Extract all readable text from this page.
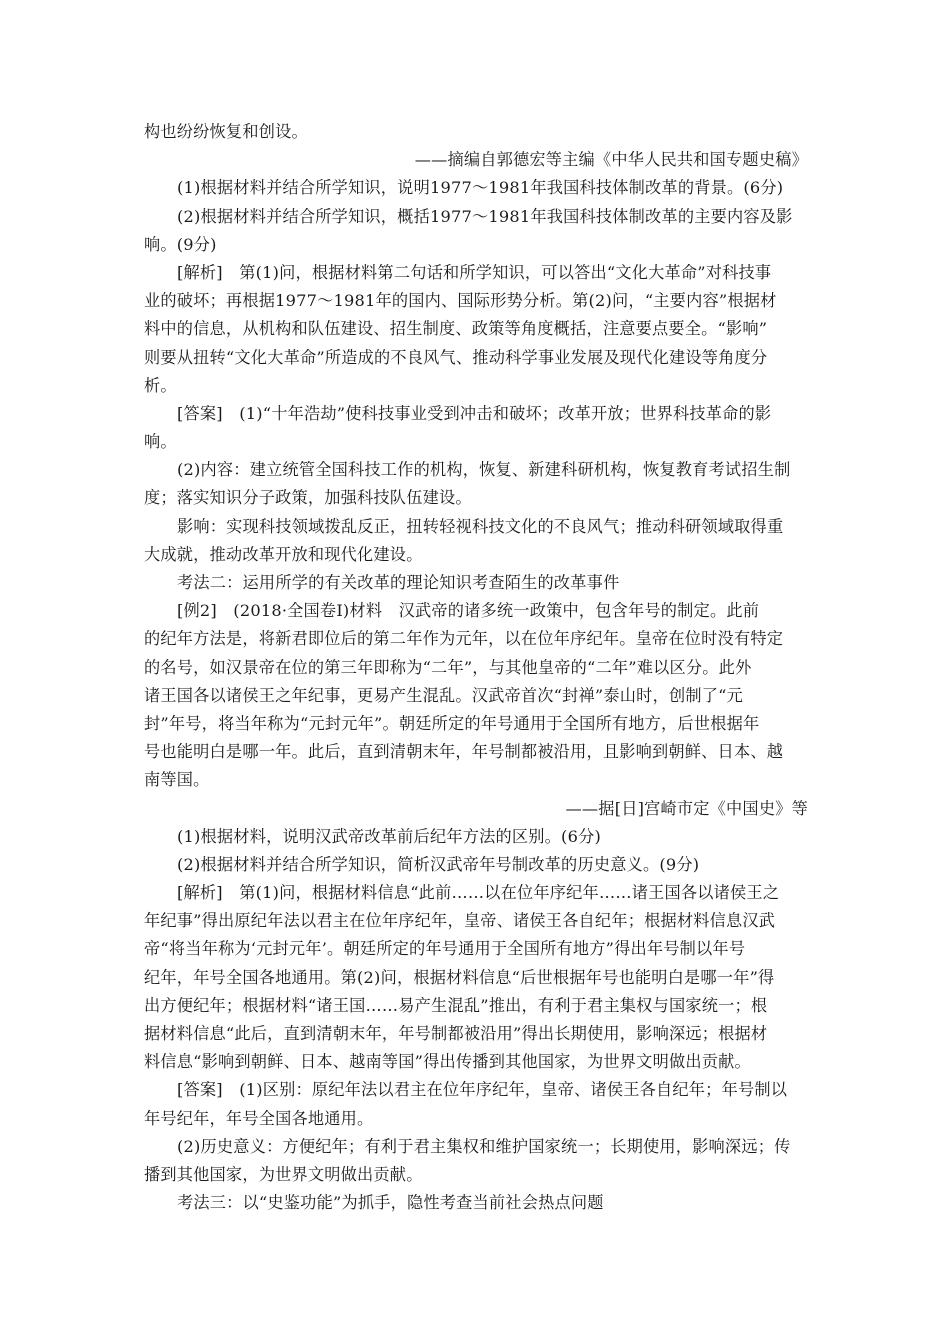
构也纷纷恢复和创设。
——摘编自郭德宏等主编《中华人民共和国专题史稿》
(1)根据材料并结合所学知识，说明1977～1981年我国科技体制改革的背景。(6分)
(2)根据材料并结合所学知识，概括1977～1981年我国科技体制改革的主要内容及影
响。(9分)
[解析]　第(1)问，根据材料第二句话和所学知识，可以答出“文化大革命”对科技事
业的破坏；再根据1977～1981年的国内、国际形势分析。第(2)问，“主要内容”根据材
料中的信息，从机构和队伍建设、招生制度、政策等角度概括，注意要点要全。“影响”
则要从扭转“文化大革命”所造成的不良风气、推动科学事业发展及现代化建设等角度分
析。
[答案]　(1)“十年浩劫”使科技事业受到冲击和破坏；改革开放；世界科技革命的影
响。
(2)内容：建立统管全国科技工作的机构，恢复、新建科研机构，恢复教育考试招生制
度；落实知识分子政策，加强科技队伍建设。
影响：实现科技领域拨乱反正，扭转轻视科技文化的不良风气；推动科研领域取得重
大成就，推动改革开放和现代化建设。
考法二：运用所学的有关改革的理论知识考查陌生的改革事件
[例2]　(2018·全国卷Ⅰ)材料　汉武帝的诸多统一政策中，包含年号的制定。此前
的纪年方法是，将新君即位后的第二年作为元年，以在位年序纪年。皇帝在位时没有特定
的名号，如汉景帝在位的第三年即称为“二年”，与其他皇帝的“二年”难以区分。此外
诸王国各以诸侯王之年纪事，更易产生混乱。汉武帝首次“封禅”泰山时，创制了“元
封”年号，将当年称为“元封元年”。朝廷所定的年号通用于全国所有地方，后世根据年
号也能明白是哪一年。此后，直到清朝末年，年号制都被沿用，且影响到朝鲜、日本、越
南等国。
——据[日]宫崎市定《中国史》等
(1)根据材料，说明汉武帝改革前后纪年方法的区别。(6分)
(2)根据材料并结合所学知识，简析汉武帝年号制改革的历史意义。(9分)
[解析]　第(1)问，根据材料信息“此前……以在位年序纪年……诸王国各以诸侯王之
年纪事”得出原纪年法以君主在位年序纪年，皇帝、诸侯王各自纪年；根据材料信息汉武
帝“将当年称为‘元封元年’。朝廷所定的年号通用于全国所有地方”得出年号制以年号
纪年，年号全国各地通用。第(2)问，根据材料信息“后世根据年号也能明白是哪一年”得
出方便纪年；根据材料“诸王国……易产生混乱”推出，有利于君主集权与国家统一；根
据材料信息“此后，直到清朝末年，年号制都被沿用”得出长期使用，影响深远；根据材
料信息“影响到朝鲜、日本、越南等国”得出传播到其他国家，为世界文明做出贡献。
[答案]　(1)区别：原纪年法以君主在位年序纪年，皇帝、诸侯王各自纪年；年号制以
年号纪年，年号全国各地通用。
(2)历史意义：方便纪年；有利于君主集权和维护国家统一；长期使用，影响深远；传
播到其他国家，为世界文明做出贡献。
考法三：以“史鉴功能”为抓手，隐性考查当前社会热点问题
